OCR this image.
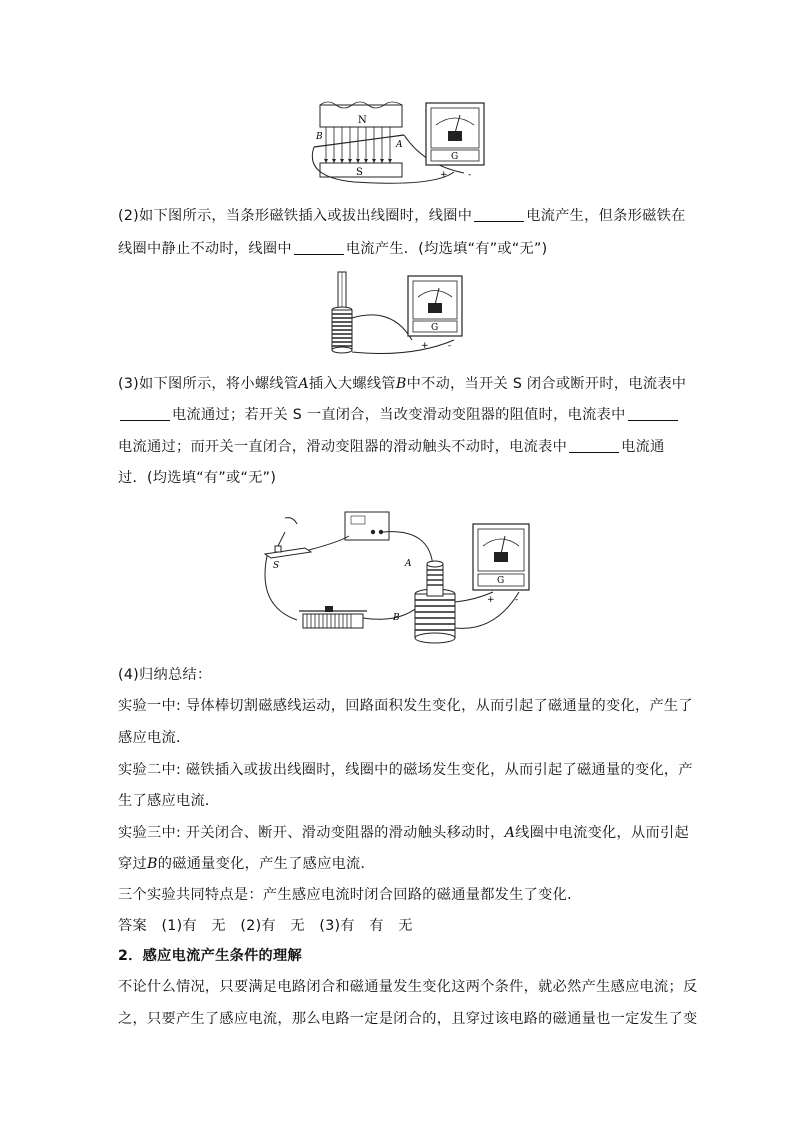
N
S
B
A
G
+ -
(2)如下图所示，当条形磁铁插入或拔出线圈时，线圈中	电流产生，但条形磁铁在
线圈中静止不动时，线圈中	电流产生．(均选填“有”或“无”)
G
+ -
(3)如下图所示，将小螺线管A插入大螺线管B中不动，当开关 S 闭合或断开时，电流表中
电流通过；若开关 S 一直闭合，当改变滑动变阻器的阻值时，电流表中
电流通过；而开关一直闭合，滑动变阻器的滑动触头不动时，电流表中	电流通
过．(均选填“有”或“无”)
S	A
B
G
+ -
(4)归纳总结：
实验一中: 导体棒切割磁感线运动，回路面积发生变化，从而引起了磁通量的变化，产生了
感应电流．
实验二中: 磁铁插入或拔出线圈时，线圈中的磁场发生变化，从而引起了磁通量的变化，产
生了感应电流．
实验三中: 开关闭合、断开、滑动变阻器的滑动触头移动时，A线圈中电流变化，从而引起
穿过B的磁通量变化，产生了感应电流．
三个实验共同特点是：产生感应电流时闭合回路的磁通量都发生了变化．
答案　(1)有　无　(2)有　无　(3)有　有　无
2．感应电流产生条件的理解
不论什么情况，只要满足电路闭合和磁通量发生变化这两个条件，就必然产生感应电流；反
之，只要产生了感应电流，那么电路一定是闭合的，且穿过该电路的磁通量也一定发生了变
